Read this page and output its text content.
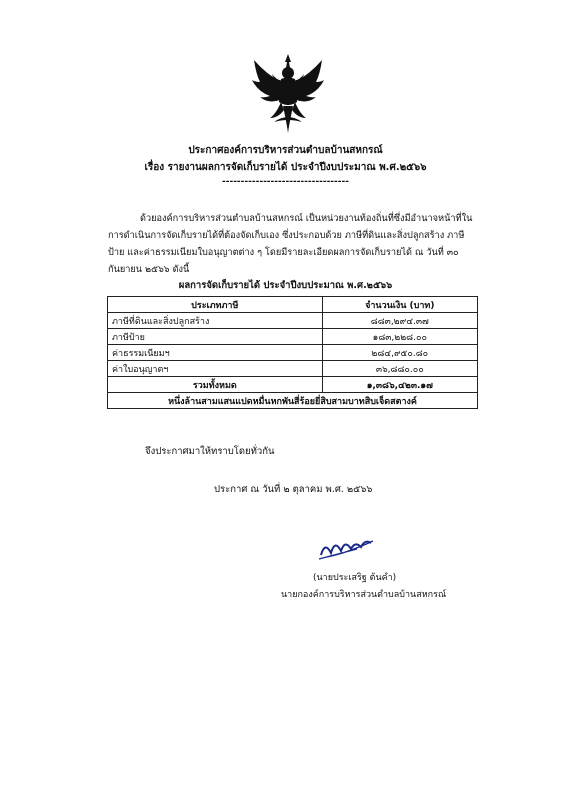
ประกาศองค์การบริหารส่วนตำบลบ้านสหกรณ์
เรื่อง รายงานผลการจัดเก็บรายได้ ประจำปีงบประมาณ พ.ศ.๒๕๖๖
----------------------------------
ด้วยองค์การบริหารส่วนตำบลบ้านสหกรณ์ เป็นหน่วยงานท้องถิ่นที่ซึ่งมีอำนาจหน้าที่ในการดำเนินการจัดเก็บรายได้ที่ต้องจัดเก็บเอง ซึ่งประกอบด้วย ภาษีที่ดินและสิ่งปลูกสร้าง ภาษีป้าย และค่าธรรมเนียมใบอนุญาตต่าง ๆ โดยมีรายละเอียดผลการจัดเก็บรายได้ ณ วันที่ ๓๐ กันยายน ๒๕๖๖ ดังนี้
ผลการจัดเก็บรายได้ ประจำปีงบประมาณ พ.ศ.๒๕๖๖
ประเภทภาษี	จำนวนเงิน (บาท)
ภาษีที่ดินและสิ่งปลูกสร้าง	๘๘๓,๒๙๔.๓๗
ภาษีป้าย	๑๘๓,๒๒๘.๐๐
ค่าธรรมเนียมฯ	๒๘๔,๙๕๐.๘๐
ค่าใบอนุญาตฯ	๓๖,๘๘๐.๐๐
รวมทั้งหมด	๑,๓๘๖,๔๒๓.๑๗
หนึ่งล้านสามแสนแปดหมื่นหกพันสี่ร้อยยี่สิบสามบาทสิบเจ็ดสตางค์	
จึงประกาศมาให้ทราบโดยทั่วกัน
ประกาศ ณ วันที่ ๒ ตุลาคม พ.ศ. ๒๕๖๖
(นายประเสริฐ ต้นคำ)
นายกองค์การบริหารส่วนตำบลบ้านสหกรณ์
